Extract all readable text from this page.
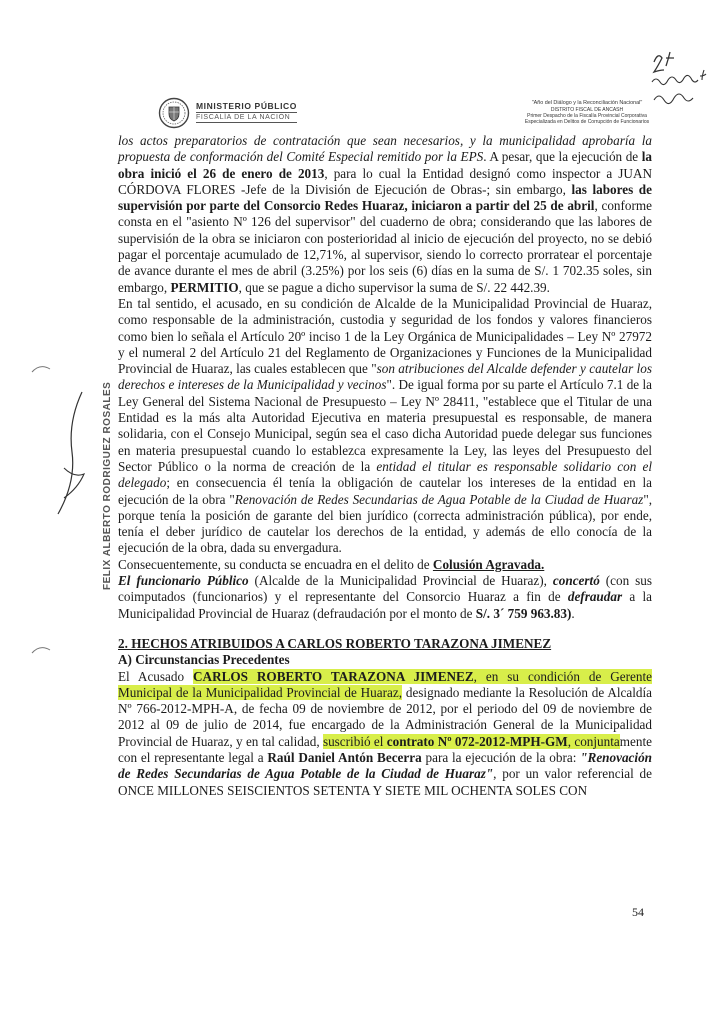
MINISTERIO PÚBLICO
FISCALÍA DE LA NACIÓN
"Año del Diálogo y la Reconciliación Nacional"
DISTRITO FISCAL DE ANCASH
Primer Despacho de la Fiscalía Provincial Corporativa
Especializada en Delitos de Corrupción de Funcionarios
FELIX ALBERTO RODRIGUEZ ROSALES

los actos preparatorios de contratación que sean necesarios, y la municipalidad aprobaría la propuesta de conformación del Comité Especial remitido por la EPS. A pesar, que la ejecución de la obra inició el 26 de enero de 2013, para lo cual la Entidad designó como inspector a JUAN CÓRDOVA FLORES -Jefe de la División de Ejecución de Obras-; sin embargo, las labores de supervisión por parte del Consorcio Redes Huaraz, iniciaron a partir del 25 de abril, conforme consta en el "asiento Nº 126 del supervisor" del cuaderno de obra; considerando que las labores de supervisión de la obra se iniciaron con posterioridad al inicio de ejecución del proyecto, no se debió pagar el porcentaje acumulado de 12,71%, al supervisor, siendo lo correcto prorratear el porcentaje de avance durante el mes de abril (3.25%) por los seis (6) días en la suma de S/. 1 702.35 soles, sin embargo, PERMITIO, que se pague a dicho supervisor la suma de S/. 22 442.39.

En tal sentido, el acusado, en su condición de Alcalde de la Municipalidad Provincial de Huaraz, como responsable de la administración, custodia y seguridad de los fondos y valores financieros como bien lo señala el Artículo 20º inciso 1 de la Ley Orgánica de Municipalidades – Ley Nº 27972 y el numeral 2 del Artículo 21 del Reglamento de Organizaciones y Funciones de la Municipalidad Provincial de Huaraz, las cuales establecen que "son atribuciones del Alcalde defender y cautelar los derechos e intereses de la Municipalidad y vecinos". De igual forma por su parte el Artículo 7.1 de la Ley General del Sistema Nacional de Presupuesto – Ley Nº 28411, "establece que el Titular de una Entidad es la más alta Autoridad Ejecutiva en materia presupuestal es responsable, de manera solidaria, con el Consejo Municipal, según sea el caso dicha Autoridad puede delegar sus funciones en materia presupuestal cuando lo establezca expresamente la Ley, las leyes del Presupuesto del Sector Público o la norma de creación de la entidad el titular es responsable solidario con el delegado; en consecuencia él tenía la obligación de cautelar los intereses de la entidad en la ejecución de la obra "Renovación de Redes Secundarias de Agua Potable de la Ciudad de Huaraz", porque tenía la posición de garante del bien jurídico (correcta administración pública), por ende, tenía el deber jurídico de cautelar los derechos de la entidad, y además de ello conocía de la ejecución de la obra, dada su envergadura.

Consecuentemente, su conducta se encuadra en el delito de Colusión Agravada.

El funcionario Público (Alcalde de la Municipalidad Provincial de Huaraz), concertó (con sus coimputados (funcionarios) y el representante del Consorcio Huaraz a fin de defraudar a la Municipalidad Provincial de Huaraz (defraudación por el monto de S/. 3´ 759 963.83).

2. HECHOS ATRIBUIDOS A CARLOS ROBERTO TARAZONA JIMENEZ

A) Circunstancias Precedentes

El Acusado CARLOS ROBERTO TARAZONA JIMENEZ, en su condición de Gerente Municipal de la Municipalidad Provincial de Huaraz, designado mediante la Resolución de Alcaldía Nº 766-2012-MPH-A, de fecha 09 de noviembre de 2012, por el periodo del 09 de noviembre de 2012 al 09 de julio de 2014, fue encargado de la Administración General de la Municipalidad Provincial de Huaraz, y en tal calidad, suscribió el contrato Nº 072-2012-MPH-GM, conjuntamente con el representante legal a Raúl Daniel Antón Becerra para la ejecución de la obra: "Renovación de Redes Secundarias de Agua Potable de la Ciudad de Huaraz", por un valor referencial de ONCE MILLONES SEISCIENTOS SETENTA Y SIETE MIL OCHENTA SOLES CON

54
